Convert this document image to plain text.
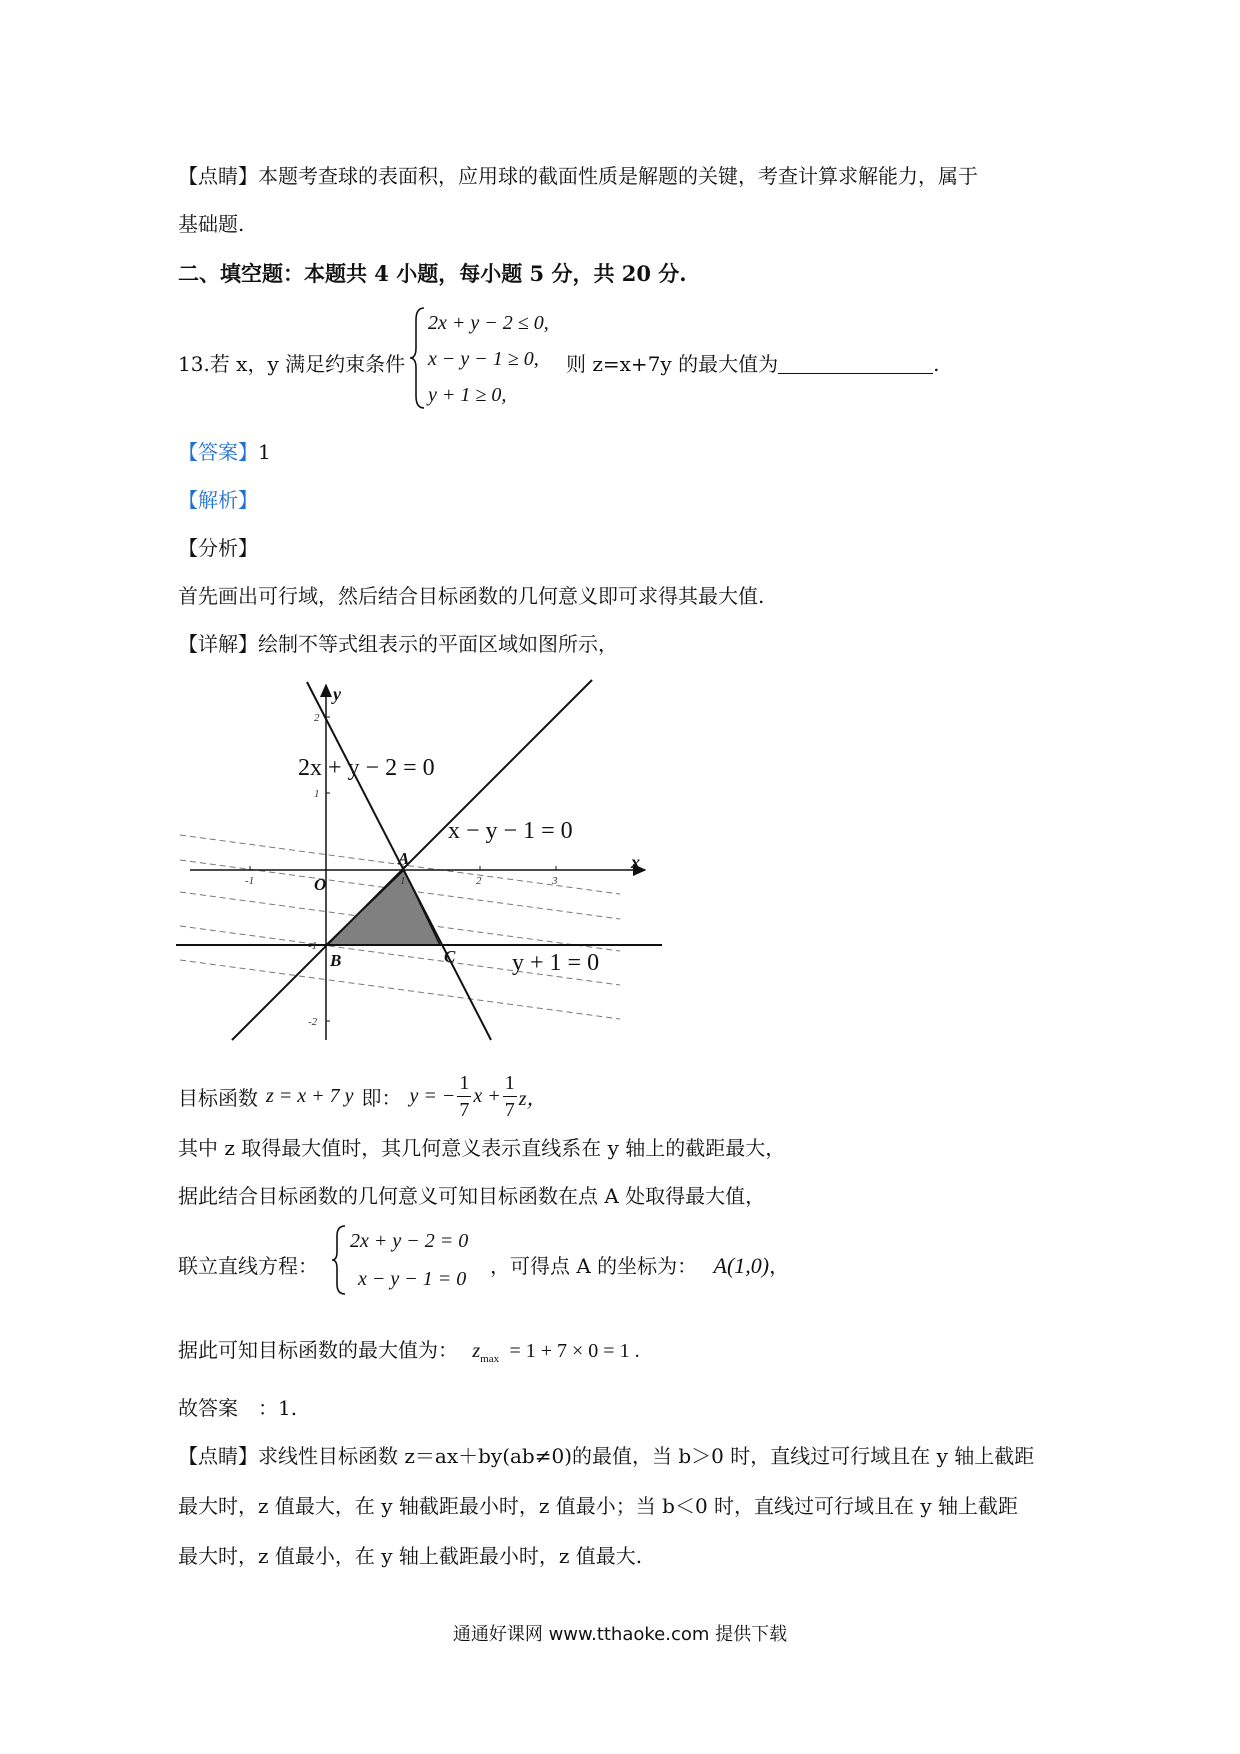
【点睛】本题考查球的表面积，应用球的截面性质是解题的关键，考查计算求解能力，属于
基础题.
二、填空题：本题共 4 小题，每小题 5 分，共 20 分.
13.若 x，y 满足约束条件
2x + y − 2 ≤ 0,
x − y − 1 ≥ 0,
y + 1 ≥ 0,
则 z=x+7y 的最大值为	.
【答案】1
【解析】
【分析】
首先画出可行域，然后结合目标函数的几何意义即可求得其最大值.
【详解】绘制不等式组表示的平面区域如图所示，
-1	1	2	3
2
1
-1
-2
x
y
O
A
B	C
2x + y − 2 = 0
x − y − 1 = 0
y + 1 = 0
目标函数 z = x + 7 y 即： y = − $\frac{1}{7}$ $x + \frac{1}{7}$ z，
其中 z 取得最大值时，其几何意义表示直线系在 y 轴上的截距最大，
据此结合目标函数的几何意义可知目标函数在点 A 处取得最大值，
联立直线方程：
2x + y − 2 = 0
x − y − 1 = 0
，可得点 A 的坐标为： A(1,0)，
据此可知目标函数的最大值为： $z_{max} = 1 + 7 \times 0 = 1$ .
故答案　：1.
【点睛】求线性目标函数 z＝ax＋by(ab≠0)的最值，当 b＞0 时，直线过可行域且在 y 轴上截距
最大时，z 值最大，在 y 轴截距最小时，z 值最小；当 b＜0 时，直线过可行域且在 y 轴上截距
最大时，z 值最小，在 y 轴上截距最小时，z 值最大.
通通好课网 www.tthaoke.com 提供下载
